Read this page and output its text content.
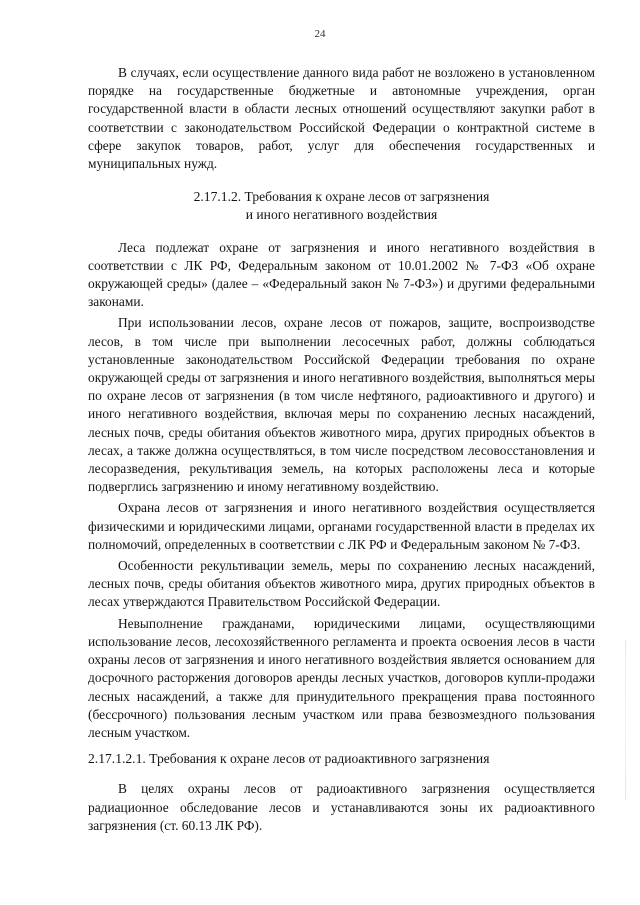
24

В случаях, если осуществление данного вида работ не возложено в установленном порядке на государственные бюджетные и автономные учреждения, орган государственной власти в области лесных отношений осуществляют закупки работ в соответствии с законодательством Российской Федерации о контрактной системе в сфере закупок товаров, работ, услуг для обеспечения государственных и муниципальных нужд.

2.17.1.2. Требования к охране лесов от загрязнения
и иного негативного воздействия

Леса подлежат охране от загрязнения и иного негативного воздействия в соответствии с ЛК РФ, Федеральным законом от 10.01.2002 № 7-ФЗ «Об охране окружающей среды» (далее – «Федеральный закон № 7-ФЗ») и другими федеральными законами.

При использовании лесов, охране лесов от пожаров, защите, воспроизводстве лесов, в том числе при выполнении лесосечных работ, должны соблюдаться установленные законодательством Российской Федерации требования по охране окружающей среды от загрязнения и иного негативного воздействия, выполняться меры по охране лесов от загрязнения (в том числе нефтяного, радиоактивного и другого) и иного негативного воздействия, включая меры по сохранению лесных насаждений, лесных почв, среды обитания объектов животного мира, других природных объектов в лесах, а также должна осуществляться, в том числе посредством лесовосстановления и лесоразведения, рекультивация земель, на которых расположены леса и которые подверглись загрязнению и иному негативному воздействию.

Охрана лесов от загрязнения и иного негативного воздействия осуществляется физическими и юридическими лицами, органами государственной власти в пределах их полномочий, определенных в соответствии с ЛК РФ и Федеральным законом № 7-ФЗ.

Особенности рекультивации земель, меры по сохранению лесных насаждений, лесных почв, среды обитания объектов животного мира, других природных объектов в лесах утверждаются Правительством Российской Федерации.

Невыполнение гражданами, юридическими лицами, осуществляющими использование лесов, лесохозяйственного регламента и проекта освоения лесов в части охраны лесов от загрязнения и иного негативного воздействия является основанием для досрочного расторжения договоров аренды лесных участков, договоров купли-продажи лесных насаждений, а также для принудительного прекращения права постоянного (бессрочного) пользования лесным участком или права безвозмездного пользования лесным участком.

2.17.1.2.1. Требования к охране лесов от радиоактивного загрязнения

В целях охраны лесов от радиоактивного загрязнения осуществляется радиационное обследование лесов и устанавливаются зоны их радиоактивного загрязнения (ст. 60.13 ЛК РФ).
